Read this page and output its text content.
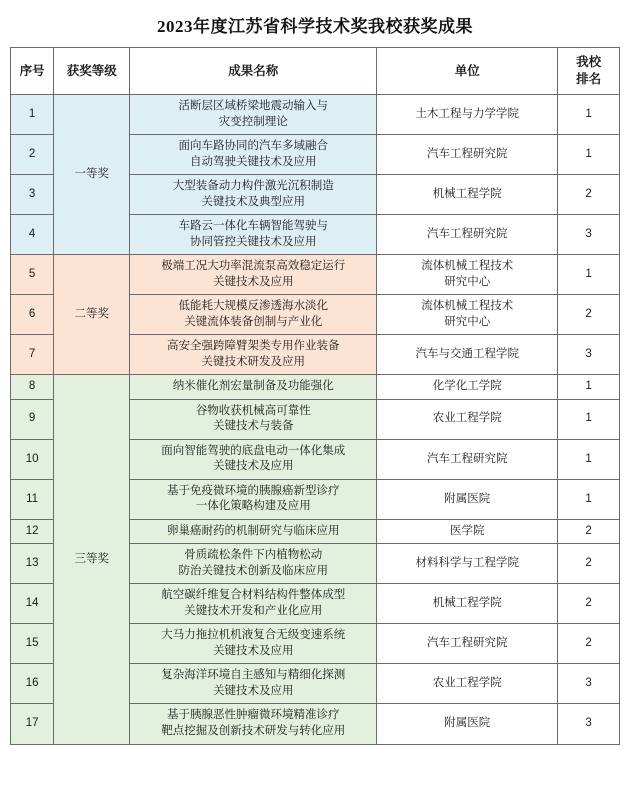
2023年度江苏省科学技术奖我校获奖成果
序号	获奖等级	成果名称	单位	我校
排名

1	一等奖	活断层区域桥梁地震动输入与
灾变控制理论	土木工程与力学学院	1
2		面向车路协同的汽车多域融合
自动驾驶关键技术及应用	汽车工程研究院	1
3		大型装备动力构件激光沉积制造
关键技术及典型应用	机械工程学院	2
4		车路云一体化车辆智能驾驶与
协同管控关键技术及应用	汽车工程研究院	3
5	二等奖	极端工况大功率混流泵高效稳定运行
关键技术及应用	流体机械工程技术
研究中心	1
6		低能耗大规模反渗透海水淡化
关键流体装备创制与产业化	流体机械工程技术
研究中心	2
7		高安全强跨障臂架类专用作业装备
关键技术研发及应用	汽车与交通工程学院	3
8	三等奖	纳米催化剂宏量制备及功能强化	化学化工学院	1
9		谷物收获机械高可靠性
关键技术与装备	农业工程学院	1
10		面向智能驾驶的底盘电动一体化集成
关键技术及应用	汽车工程研究院	1
11		基于免疫微环境的胰腺癌新型诊疗
一体化策略构建及应用	附属医院	1
12		卵巢癌耐药的机制研究与临床应用	医学院	2
13		骨质疏松条件下内植物松动
防治关键技术创新及临床应用	材料科学与工程学院	2
14		航空碳纤维复合材料结构件整体成型
关键技术开发和产业化应用	机械工程学院	2
15		大马力拖拉机机液复合无级变速系统
关键技术及应用	汽车工程研究院	2
16		复杂海洋环境自主感知与精细化探测
关键技术及应用	农业工程学院	3
17		基于胰腺恶性肿瘤微环境精准诊疗
靶点挖掘及创新技术研发与转化应用	附属医院	3
